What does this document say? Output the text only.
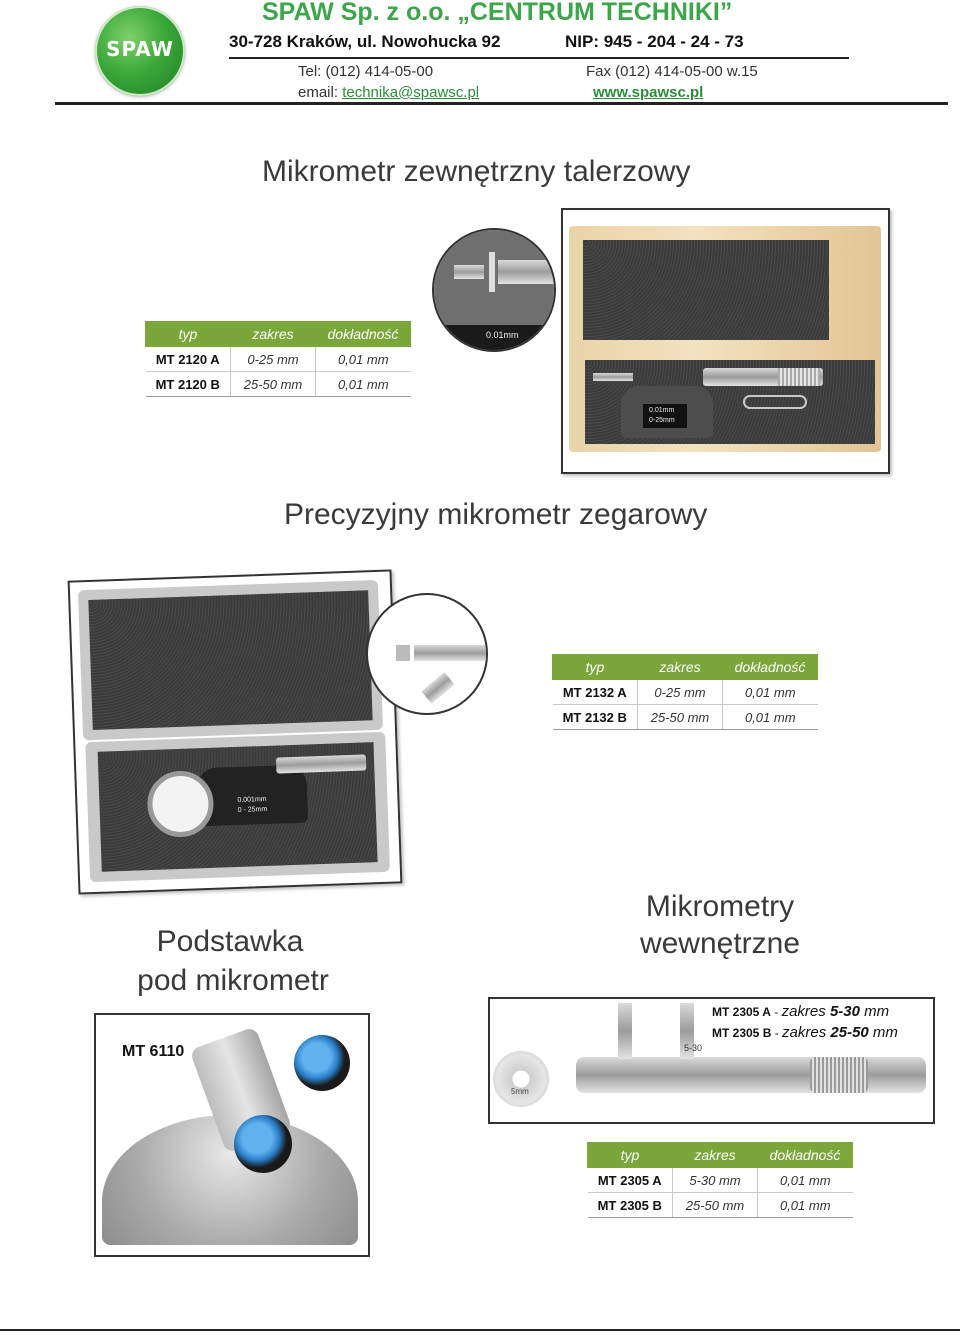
SPAW
SPAW Sp. z o.o. „CENTRUM TECHNIKI”
30-728 Kraków, ul. Nowohucka 92	NIP: 945 - 204 - 24 - 73
Tel: (012) 414-05-00	Fax (012) 414-05-00 w.15
email: technika@spawsc.pl	www.spawsc.pl
Mikrometr zewnętrzny talerzowy
typ	zakres	dokładność
MT 2120 A	0-25 mm	0,01 mm
MT 2120 B	25-50 mm	0,01 mm
0.01mm
0.01mm
0-25mm
Precyzyjny mikrometr zegarowy
0.001mm
0 - 25mm
typ	zakres	dokładność
MT 2132 A	0-25 mm	0,01 mm
MT 2132 B	25-50 mm	0,01 mm
Podstawka
pod mikrometr
MT 6110
Mikrometry
wewnętrzne
MT 2305 A - zakres 5-30 mm
MT 2305 B - zakres 25-50 mm
5mm
5-30
typ	zakres	dokładność
MT 2305 A	5-30 mm	0,01 mm
MT 2305 B	25-50 mm	0,01 mm
